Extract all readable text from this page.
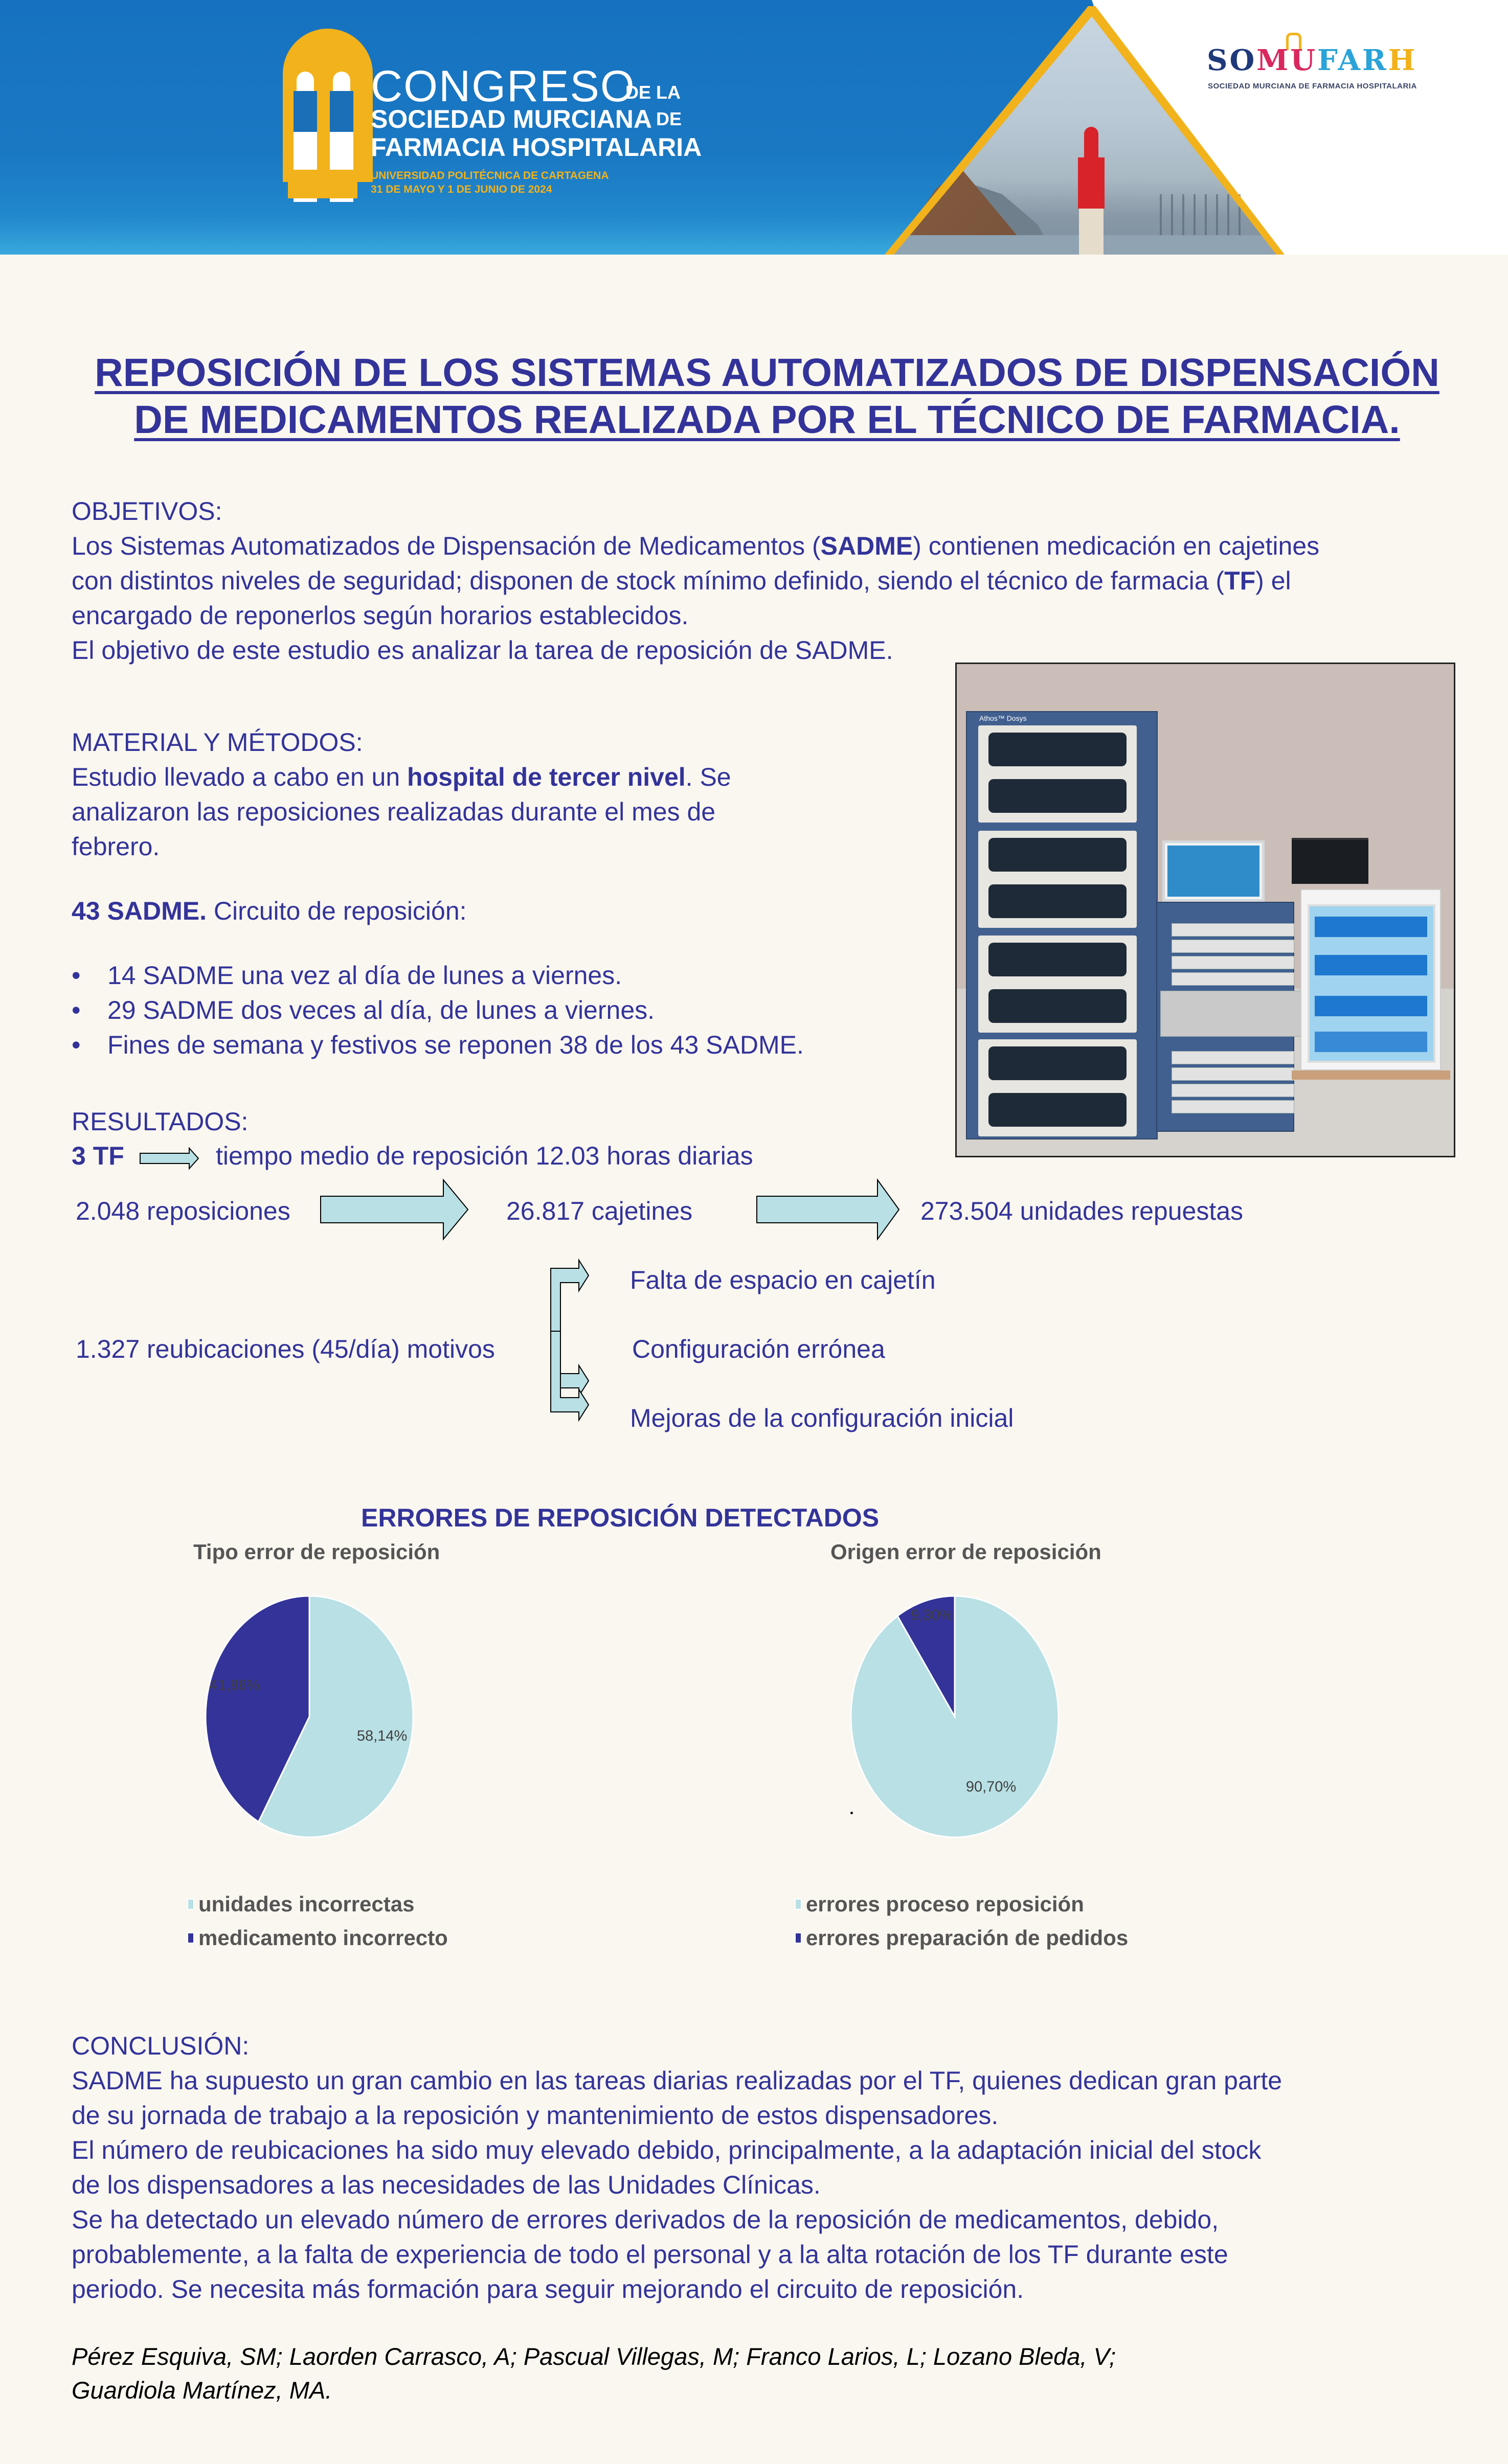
CONGRESO
DE LA
SOCIEDAD MURCIANA DE
FARMACIA HOSPITALARIA
UNIVERSIDAD POLITÉCNICA DE CARTAGENA
31 DE MAYO Y 1 DE JUNIO DE 2024
SOMUFARH
SOCIEDAD MURCIANA DE FARMACIA HOSPITALARIA
REPOSICIÓN DE LOS SISTEMAS AUTOMATIZADOS DE DISPENSACIÓN
DE MEDICAMENTOS REALIZADA POR EL TÉCNICO DE FARMACIA.
OBJETIVOS:
Los Sistemas Automatizados de Dispensación de Medicamentos (SADME) contienen medicación en cajetines
con distintos niveles de seguridad; disponen de stock mínimo definido, siendo el técnico de farmacia (TF) el
encargado de reponerlos según horarios establecidos.
El objetivo de este estudio es analizar la tarea de reposición de SADME.
MATERIAL Y MÉTODOS:
Estudio llevado a cabo en un hospital de tercer nivel. Se
analizaron las reposiciones realizadas durante el mes de
febrero.
43 SADME. Circuito de reposición:
• 14 SADME una vez al día de lunes a viernes.
• 29 SADME dos veces al día, de lunes a viernes.
• Fines de semana y festivos se reponen 38 de los 43 SADME.
Athos™ Dosys
RESULTADOS:
3 TF	tiempo medio de reposición 12.03 horas diarias
2.048 reposiciones	26.817 cajetines	273.504 unidades repuestas
1.327 reubicaciones (45/día) motivos
Falta de espacio en cajetín
Configuración errónea
Mejoras de la configuración inicial
ERRORES DE REPOSICIÓN DETECTADOS
Tipo error de reposición	Origen error de reposición
58,14%
41,86%
90,70%
9,30%
unidades incorrectas
medicamento incorrecto
errores proceso reposición
errores preparación de pedidos
CONCLUSIÓN:
SADME ha supuesto un gran cambio en las tareas diarias realizadas por el TF, quienes dedican gran parte
de su jornada de trabajo a la reposición y mantenimiento de estos dispensadores.
El número de reubicaciones ha sido muy elevado debido, principalmente, a la adaptación inicial del stock
de los dispensadores a las necesidades de las Unidades Clínicas.
Se ha detectado un elevado número de errores derivados de la reposición de medicamentos, debido,
probablemente, a la falta de experiencia de todo el personal y a la alta rotación de los TF durante este
periodo. Se necesita más formación para seguir mejorando el circuito de reposición.
Pérez Esquiva, SM; Laorden Carrasco, A; Pascual Villegas, M; Franco Larios, L; Lozano Bleda, V;
Guardiola Martínez, MA.
